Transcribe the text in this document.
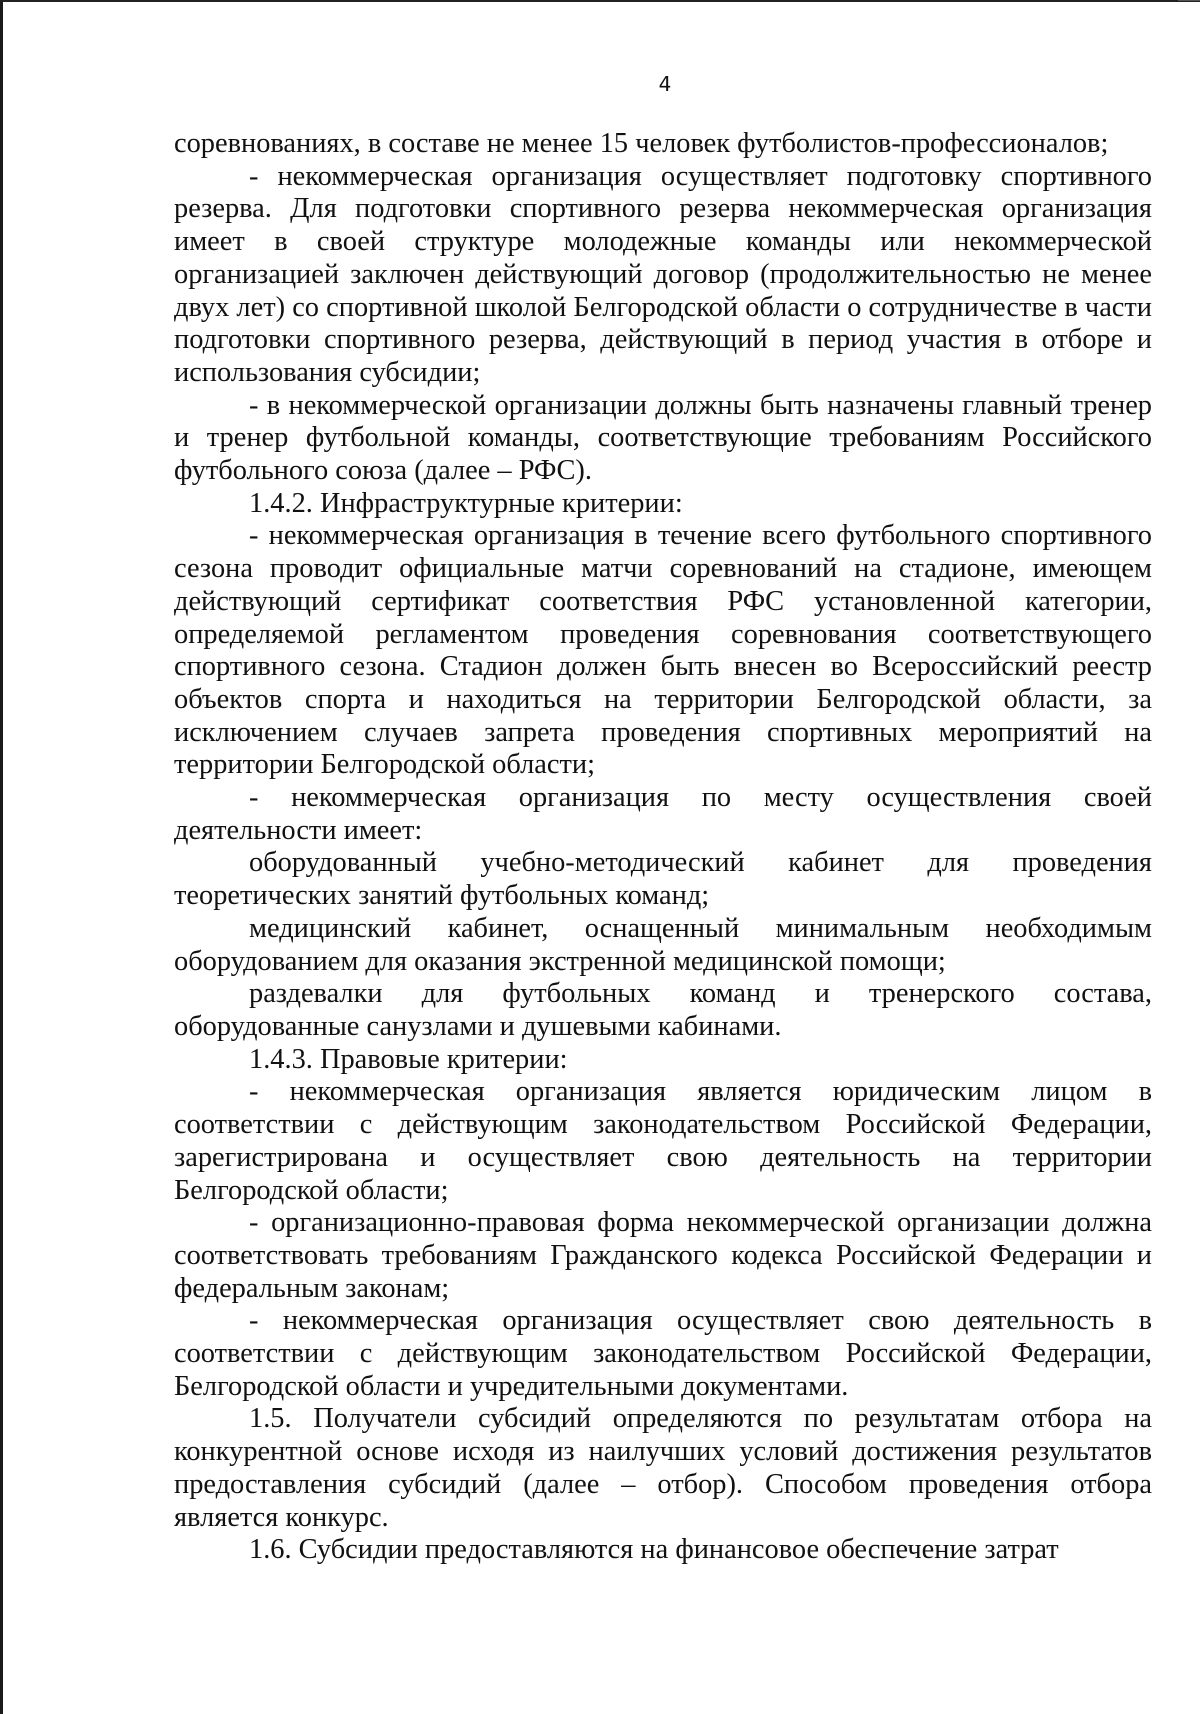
4

соревнованиях, в составе не менее 15 человек футболистов-профессионалов;

- некоммерческая организация осуществляет подготовку спортивного резерва. Для подготовки спортивного резерва некоммерческая организация имеет в своей структуре молодежные команды или некоммерческой организацией заключен действующий договор (продолжительностью не менее двух лет) со спортивной школой Белгородской области о сотрудничестве в части подготовки спортивного резерва, действующий в период участия в отборе и использования субсидии;

- в некоммерческой организации должны быть назначены главный тренер и тренер футбольной команды, соответствующие требованиям Российского футбольного союза (далее – РФС).

1.4.2. Инфраструктурные критерии:

- некоммерческая организация в течение всего футбольного спортивного сезона проводит официальные матчи соревнований на стадионе, имеющем действующий сертификат соответствия РФС установленной категории, определяемой регламентом проведения соревнования соответствующего спортивного сезона. Стадион должен быть внесен во Всероссийский реестр объектов спорта и находиться на территории Белгородской области, за исключением случаев запрета проведения спортивных мероприятий на территории Белгородской области;

- некоммерческая организация по месту осуществления своей деятельности имеет:

оборудованный учебно-методический кабинет для проведения теоретических занятий футбольных команд;

медицинский кабинет, оснащенный минимальным необходимым оборудованием для оказания экстренной медицинской помощи;

раздевалки для футбольных команд и тренерского состава, оборудованные санузлами и душевыми кабинами.

1.4.3. Правовые критерии:

- некоммерческая организация является юридическим лицом в соответствии с действующим законодательством Российской Федерации, зарегистрирована и осуществляет свою деятельность на территории Белгородской области;

- организационно-правовая форма некоммерческой организации должна соответствовать требованиям Гражданского кодекса Российской Федерации и федеральным законам;

- некоммерческая организация осуществляет свою деятельность в соответствии с действующим законодательством Российской Федерации, Белгородской области и учредительными документами.

1.5. Получатели субсидий определяются по результатам отбора на конкурентной основе исходя из наилучших условий достижения результатов предоставления субсидий (далее – отбор). Способом проведения отбора является конкурс.

1.6. Субсидии предоставляются на финансовое обеспечение затрат
